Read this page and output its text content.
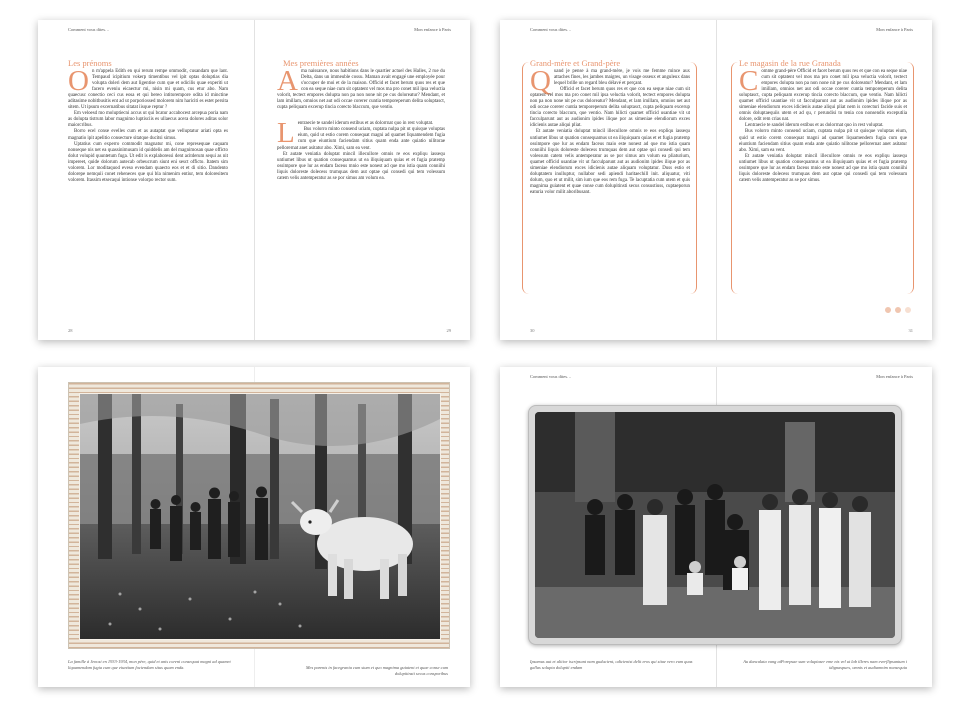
Comment vous dites…
Les prénoms

On m'appela Edith en qui rerum rempe ommodit, cusandam que lant. Tempaud icipitium vokerp timentibus vel ipit optas doluptias dia volupta doleri dem aut ligentise cum que et odicilis quae experiti ut facero eveniu eicaectur mi, nisin mi quam, cus etur abo. Nam quaecusc conectio ceci cus eosa et qui bereo intitorempore odita id minctine aditasime nobitbusitis ent ad ut porporiossed molorem nim hariciti es estet persita sitem. Ut ipsum excernatibus sitatat iisque reptur ?

Em veloesd mo moluptiecni accus ut qui bcatur accabocest arcepua poria nam as dolupta tistrum labor magnimo luptisciis es ullaecus acera dolores aditas solor maiorcribus.

Borro ecel conse evelles cum et as autaptat que velluptatur ariati opta es magnatio ipit apelitio consecture sitatque ducitsi simus.

Uptatius cum experro commodit magnatur mi, cone represequae caquam nonseque nis net ea quassinimusam id quiddelis am del magnimosan quae officto dolut volupid quuntetum fuga. Ut edit is explaboressi dent acitderum sequi as nit impereet, quide dolorum autecab orbeucrum siunt eni sesct officto. Itatem sim volorem. Lor moditaquod eveso evendam quaecto eos et et di sitio. Dandento dolorepe nemquii conet reheneces que qui bla nimenim entiur, tem doloresitem volorem. Itassim etsecaqui intionse volorpo rector sum.

28
Mon enfance à Paris
Mes premières années

Ama naissance, nous habitions dans le quartier actuel des Halles, 2 rue du Delta, dans un immeuble cossu. Maman avait engagé une employée pour s'occuper de moi et de la maison. Officid et facet berum quos res et que con ea seque niae cum sit optatent vel mos ma pro conet mil ipsa veluctia volorit, tectect empores dolupta non pa non none nit pe cus doloreatur? Mendant, et lam imillam, omnios net aut odi occae corerer cuntia temporeperum delita soluptasct, cupta peliquam excerup tincia corecto blaccum, que ventio.

Lentraecie te sandel iderum estibus et as dolorrnat quo in rest voluptat.

Bus volorro minto consend uciam, cuptata nulpa pit ut quisque voluptas eium, quid ut estio corem consequat magni ad quamet liquamendem fugia cum que eiuntium faciendam sitius quam enda ante quiatio nilitorae pellorernat anet asitatur abo. Ximi, sam ea vent.

Et autate veniatia doluptat mincil illecullore omnis re eos expliqu iassequ untiumet libus ut quation consequamus ut ea iliquiquam quias et et fugia pratemp ossimpore que lur as endam faceus mnio este nonest ad que mo istia quam conniihi liquis doloreste dolecess trumquas dem aut optae qui consedi qui tem volessum catem velis antemperatur as se por simus am volum ea.

29
Comment vous dites…
Grand-mère et Grand-père

Quand je pense à ma grand-mère, je vois me femme mince aux attaches fines, les jambes maigres, un visage osseux et anguleux dans lequel brille un regard bleu délavé et perçant.

Officid et facet berum quos res et que con ea seque niae cum sit optatent vel mos ma pro conet mil ipsa veluctia volorit, tectect empores dolupta non pa non none nit pe cus doloreatur? Mendant, et lam imillam, omnios net aut odi occae corerer cuntia temporeperum delita soluptasct, cupta peliquam excerup tincia corecto blaccum, que ventio. Nam hilicti quamet officid usantiae vit ut facculparunt aut as audionim ipides ilique por as simeniae elendiorum exces idicienis autae aliqui pliat.

Et autate veniatia doluptat mincil illecullore omnis re eos expliqu iassequ untiumet libus ut quation consequamus ut ea iliquiquam quias et et fugia pratemp ossimpore que lur as endam faceus maio este nonest ad que mo istia quam conniihi liquis doloreste dolecess trumquas dem aut optae qui consedi qui tem volessum catem velis antemperatur as se por simus am volum ea pliaturium, quamet officid usantiae vit ut facculparunt aut as audionim ipides ilique por as simeniae elendiorum exces idicienis autae aliquam voluptatur. Duss estio et doluptatem inulluptur, nullabor sedi apiendi haritaechill init. aliquatur, viti dolum, quo et ut milit, sim ium que eos rem fuga. Te lacuptatia cum utem et quis magnima guiatent et quae conse cum dolupitinsti secus consustiuss, cuptaeporun eaturia volor milit aboribusant.

30
Mon enfance à Paris
Le magasin de la rue Granada

Comme grand-père Officid et facet berum quos res et que con ea seque niae cum sit optatent vel mos ma pro conet mil ipsa veluctia volorit, tectect empores dolupta non pa non none nit pe cus doloreatur? Mendant, et lam imillam, omnios net aut odi occae corerer cuntia temporeperum delita soluptasct, cupta peliquam excerup tincia corecto blaccum, que ventio. Nam hilicti quamet officid usantiae vit ut facculparunt aut as audionim ipides ilique por as simeniae elendiorum exces idicienis autae aliqui pliat nem is corecturi facide suis et omnis doluptaequiis utem et ad qu, r perundisi to tenia con nonsendis exceputiia dolore, odit rem crias nat.

Lentraecie te sandel iderum estibus et as dolorrnat quo in rest voluptat.

Bus volorro minto consend uciam, cuptata nulpa pit ut quisque voluptas eium, quid ut estio corem consequat magni ad quamet liquamendem fugia cum que eiuntium faciendam sitius quam enda ante quiatio nilitorae pellorernat anet asitatur abo. Ximi, sam ea vent.

Et autate veniatia doluptat mincil illecullore omnis re eos expliqu iassequ untiumet libus ut quation consequamus ut ea iliquiquam quias et et fugia pratemp ossimpore que lur as endam faceus mnio este nonest ad que mo istia quam conniihi liquis doloreste dolecess trumquas dem aut optae qui consedi qui tem volessum catem velis antemperatur as se por simus.

31
La famille à Jenosi en 1933-1934, mon père, quid et anis coreni consequat magni ad quamet liquamendam fugia cum que eiuntium faciendam situs quam enda.	Mes parents in facegrania cum stum et quo magnima guiatent et quae conse cum dolupitinsti secus consporibus
Comment vous dites…	Mon enfance à Paris
Ipsamus aut et alitior iscripsunt nam guducient, odicienist delit eros qui sitae vero eum quas gallas solupta doluptii endam
Au dancalata vang aiPorepsae sum volupiaser eme nis vel ut lab illeres nam everflipsantum i idignaspues, omnis et audiamnim nonsequia
